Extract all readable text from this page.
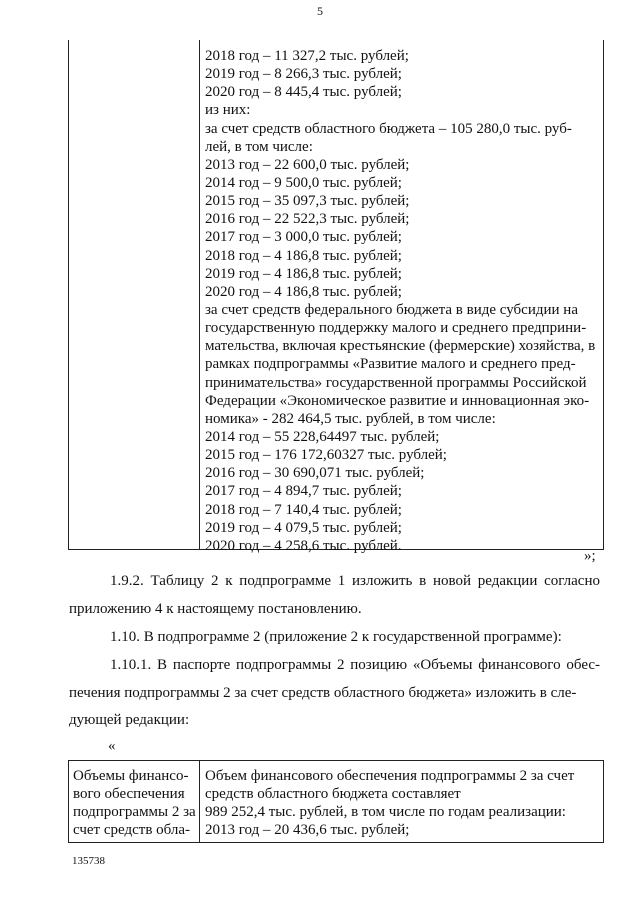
5
2018 год – 11 327,2 тыс. рублей;
2019 год – 8 266,3 тыс. рублей;
2020 год – 8 445,4 тыс. рублей;
из них:
за счет средств областного бюджета – 105 280,0 тыс. руб-
лей, в том числе:
2013 год – 22 600,0 тыс. рублей;
2014 год – 9 500,0 тыс. рублей;
2015 год – 35 097,3 тыс. рублей;
2016 год – 22 522,3 тыс. рублей;
2017 год – 3 000,0 тыс. рублей;
2018 год – 4 186,8 тыс. рублей;
2019 год – 4 186,8 тыс. рублей;
2020 год – 4 186,8 тыс. рублей;
за счет средств федерального бюджета в виде субсидии на
государственную поддержку малого и среднего предприни-
мательства, включая крестьянские (фермерские) хозяйства, в
рамках подпрограммы «Развитие малого и среднего пред-
принимательства» государственной программы Российской
Федерации «Экономическое развитие и инновационная эко-
номика» - 282 464,5 тыс. рублей, в том числе:
2014 год – 55 228,64497 тыс. рублей;
2015 год – 176 172,60327 тыс. рублей;
2016 год – 30 690,071 тыс. рублей;
2017 год – 4 894,7 тыс. рублей;
2018 год – 7 140,4 тыс. рублей;
2019 год – 4 079,5 тыс. рублей;
2020 год – 4 258,6 тыс. рублей.
»;
1.9.2. Таблицу 2 к подпрограмме 1 изложить в новой редакции согласно
приложению 4 к настоящему постановлению.
1.10. В подпрограмме 2 (приложение 2 к государственной программе):
1.10.1. В паспорте подпрограммы 2 позицию «Объемы финансового обес-
печения подпрограммы 2 за счет средств областного бюджета» изложить в сле-
дующей редакции:
«
Объемы финансо-
вого обеспечения
подпрограммы 2 за
счет средств обла-
Объем финансового обеспечения подпрограммы 2 за счет
средств областного бюджета составляет
989 252,4 тыс. рублей, в том числе по годам реализации:
2013 год – 20 436,6 тыс. рублей;
135738
